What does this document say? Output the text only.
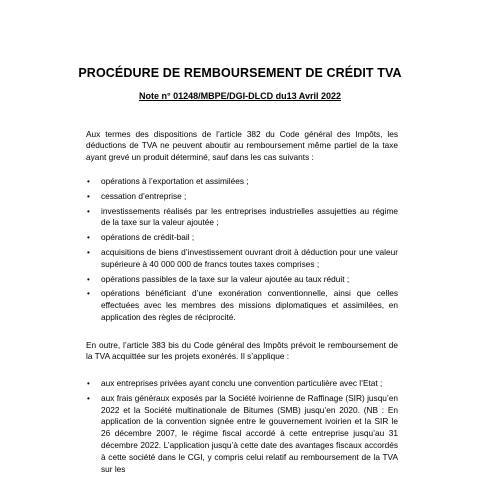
PROCÉDURE DE REMBOURSEMENT DE CRÉDIT TVA
Note n° 01248/MBPE/DGI-DLCD du13 Avril 2022
Aux termes des dispositions de l’article 382 du Code général des Impôts, les déductions de TVA ne peuvent aboutir au remboursement même partiel de la taxe ayant grevé un produit déterminé, sauf dans les cas suivants :
• opérations à l’exportation et assimilées ;
• cessation d’entreprise ;
• investissements réalisés par les entreprises industrielles assujetties au régime de la taxe sur la valeur ajoutée ;
• opérations de crédit-bail ;
• acquisitions de biens d’investissement ouvrant droit à déduction pour une valeur supérieure à 40 000 000 de francs toutes taxes comprises ;
• opérations passibles de la taxe sur la valeur ajoutée au taux réduit ;
• opérations bénéficiant d’une exonération conventionnelle, ainsi que celles effectuées avec les membres des missions diplomatiques et assimilées, en application des règles de réciprocité.
En outre, l’article 383 bis du Code général des Impôts prévoit le remboursement de la TVA acquittée sur les projets exonérés. Il s’applique :
• aux entreprises privées ayant conclu une convention particulière avec l’Etat ;
• aux frais généraux exposés par la Société ivoirienne de Raffinage (SIR) jusqu’en 2022 et la Société multinationale de Bitumes (SMB) jusqu’en 2020. (NB : En application de la convention signée entre le gouvernement ivoirien et la SIR le 26 décembre 2007, le régime fiscal accordé à cette entreprise jusqu’au 31 décembre 2022. L’application jusqu’à cette date des avantages fiscaux accordés à cette société dans le CGI, y compris celui relatif au remboursement de la TVA sur les
